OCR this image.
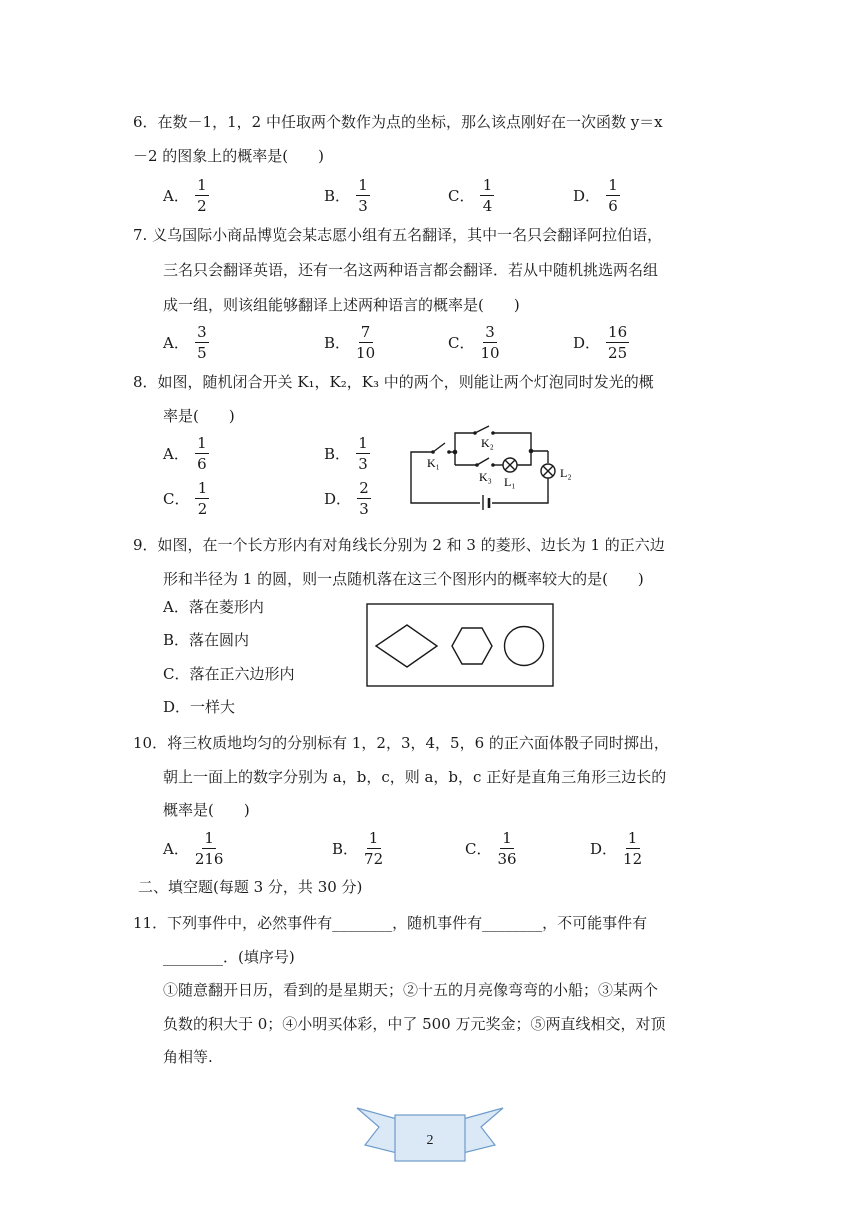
6．在数－1，1，2 中任取两个数作为点的坐标，那么该点刚好在一次函数 y＝x
－2 的图象上的概率是(　　)
A． $\frac{1}{2}$	B． $\frac{1}{3}$	C． $\frac{1}{4}$	D． $\frac{1}{6}$
7. 义乌国际小商品博览会某志愿小组有五名翻译，其中一名只会翻译阿拉伯语，
三名只会翻译英语，还有一名这两种语言都会翻译．若从中随机挑选两名组
成一组，则该组能够翻译上述两种语言的概率是(　　)
A． $\frac{3}{5}$	B． $\frac{7}{10}$	C． $\frac{3}{10}$	D． $\frac{16}{25}$
8．如图，随机闭合开关 K₁，K₂，K₃ 中的两个，则能让两个灯泡同时发光的概
率是(　　)
A． $\frac{1}{6}$	B． $\frac{1}{3}$
C． $\frac{1}{2}$	D． $\frac{2}{3}$
K₁
K₂
K₃ L₁
L₂
9．如图，在一个长方形内有对角线长分别为 2 和 3 的菱形、边长为 1 的正六边
形和半径为 1 的圆，则一点随机落在这三个图形内的概率较大的是(　　)
A．落在菱形内
B．落在圆内
C．落在正六边形内
D．一样大
10．将三枚质地均匀的分别标有 1，2，3，4，5，6 的正六面体骰子同时掷出，
朝上一面上的数字分别为 a，b，c，则 a，b，c 正好是直角三角形三边长的
概率是(　　)
A． $\frac{1}{216}$	B． $\frac{1}{72}$	C． $\frac{1}{36}$	D． $\frac{1}{12}$
二、填空题(每题 3 分，共 30 分)
11．下列事件中，必然事件有________，随机事件有________，不可能事件有
________．(填序号)
①随意翻开日历，看到的是星期天；②十五的月亮像弯弯的小船；③某两个
负数的积大于 0；④小明买体彩，中了 500 万元奖金；⑤两直线相交，对顶
角相等.
2
